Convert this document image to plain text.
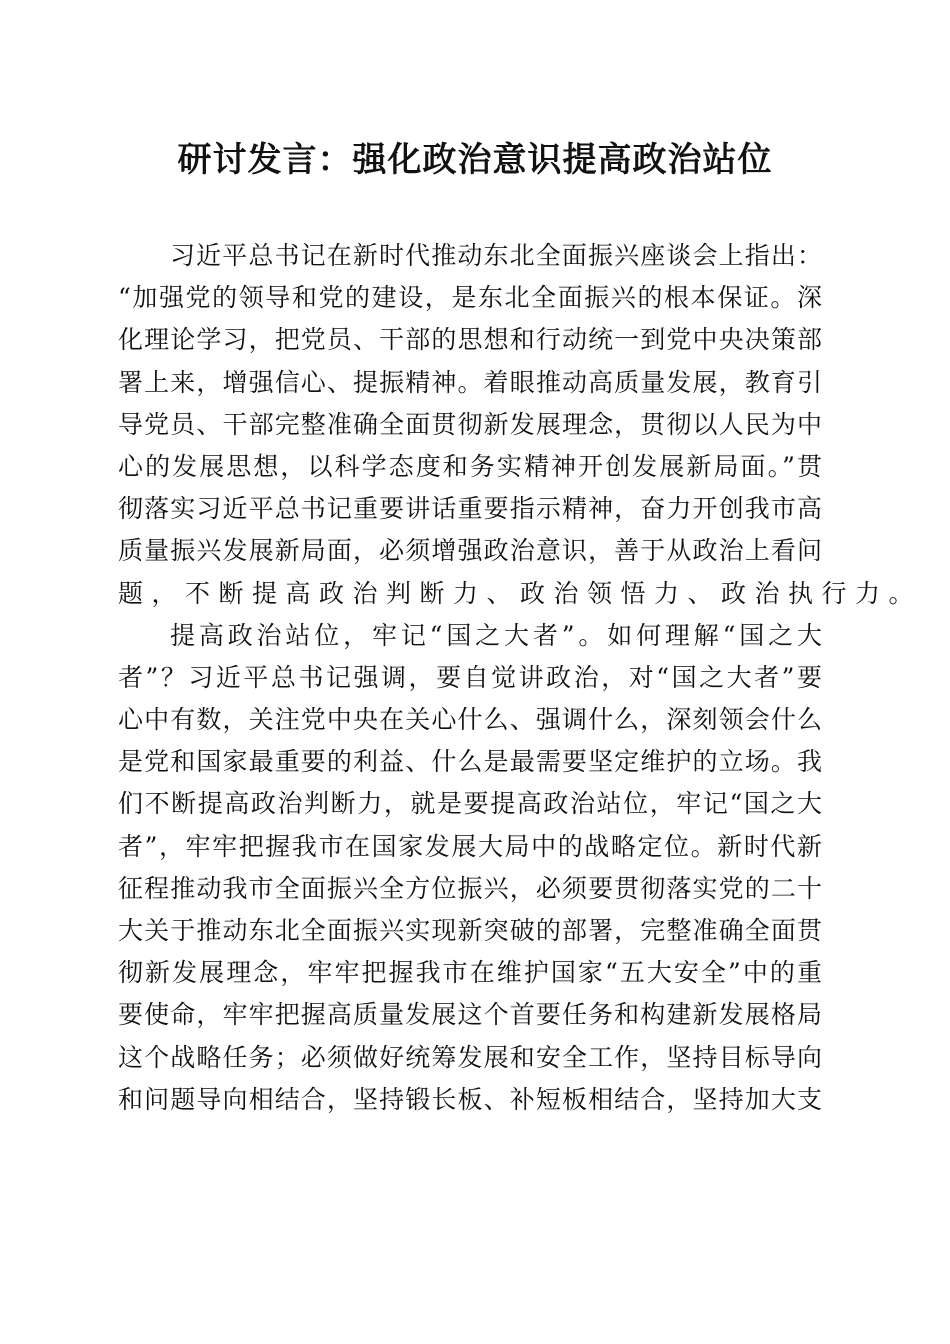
研讨发言：强化政治意识提高政治站位
习近平总书记在新时代推动东北全面振兴座谈会上指出：
“加强党的领导和党的建设，是东北全面振兴的根本保证。深
化理论学习，把党员、干部的思想和行动统一到党中央决策部
署上来，增强信心、提振精神。着眼推动高质量发展，教育引
导党员、干部完整准确全面贯彻新发展理念，贯彻以人民为中
心的发展思想，以科学态度和务实精神开创发展新局面。”贯
彻落实习近平总书记重要讲话重要指示精神，奋力开创我市高
质量振兴发展新局面，必须增强政治意识，善于从政治上看问
题，不断提高政治判断力、政治领悟力、政治执行力。
提高政治站位，牢记“国之大者”。如何理解“国之大
者”？习近平总书记强调，要自觉讲政治，对“国之大者”要
心中有数，关注党中央在关心什么、强调什么，深刻领会什么
是党和国家最重要的利益、什么是最需要坚定维护的立场。我
们不断提高政治判断力，就是要提高政治站位，牢记“国之大
者”，牢牢把握我市在国家发展大局中的战略定位。新时代新
征程推动我市全面振兴全方位振兴，必须要贯彻落实党的二十
大关于推动东北全面振兴实现新突破的部署，完整准确全面贯
彻新发展理念，牢牢把握我市在维护国家“五大安全”中的重
要使命，牢牢把握高质量发展这个首要任务和构建新发展格局
这个战略任务；必须做好统筹发展和安全工作，坚持目标导向
和问题导向相结合，坚持锻长板、补短板相结合，坚持加大支
